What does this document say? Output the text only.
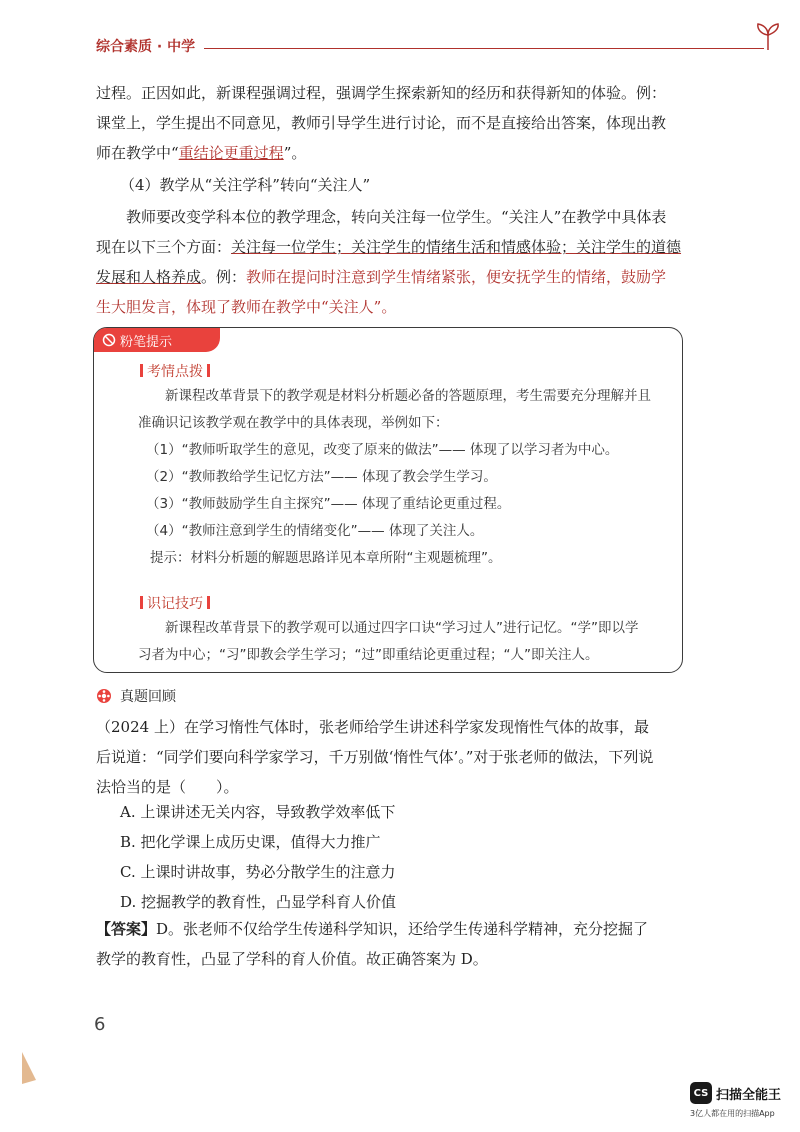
综合素质 · 中学
过程。正因如此，新课程强调过程，强调学生探索新知的经历和获得新知的体验。例：
课堂上，学生提出不同意见，教师引导学生进行讨论，而不是直接给出答案，体现出教
师在教学中“重结论更重过程”。
（4）教学从“关注学科”转向“关注人”
教师要改变学科本位的教学理念，转向关注每一位学生。“关注人”在教学中具体表
现在以下三个方面：关注每一位学生；关注学生的情绪生活和情感体验；关注学生的道德
发展和人格养成。例：教师在提问时注意到学生情绪紧张，便安抚学生的情绪，鼓励学
生大胆发言，体现了教师在教学中“关注人”。
粉笔提示
考情点拨
新课程改革背景下的教学观是材料分析题必备的答题原理，考生需要充分理解并且
准确识记该教学观在教学中的具体表现，举例如下：
（1）“教师听取学生的意见，改变了原来的做法”—— 体现了以学习者为中心。
（2）“教师教给学生记忆方法”—— 体现了教会学生学习。
（3）“教师鼓励学生自主探究”—— 体现了重结论更重过程。
（4）“教师注意到学生的情绪变化”—— 体现了关注人。
提示：材料分析题的解题思路详见本章所附“主观题梳理”。
识记技巧
新课程改革背景下的教学观可以通过四字口诀“学习过人”进行记忆。“学”即以学
习者为中心；“习”即教会学生学习；“过”即重结论更重过程；“人”即关注人。
真题回顾
（2024 上）在学习惰性气体时，张老师给学生讲述科学家发现惰性气体的故事，最
后说道：“同学们要向科学家学习，千万别做‘惰性气体’。”对于张老师的做法，下列说
法恰当的是（　　）。
A. 上课讲述无关内容，导致教学效率低下
B. 把化学课上成历史课，值得大力推广
C. 上课时讲故事，势必分散学生的注意力
D. 挖掘教学的教育性，凸显学科育人价值
【答案】D。张老师不仅给学生传递科学知识，还给学生传递科学精神，充分挖掘了
教学的教育性，凸显了学科的育人价值。故正确答案为 D。
6
CS 扫描全能王
3亿人都在用的扫描App
